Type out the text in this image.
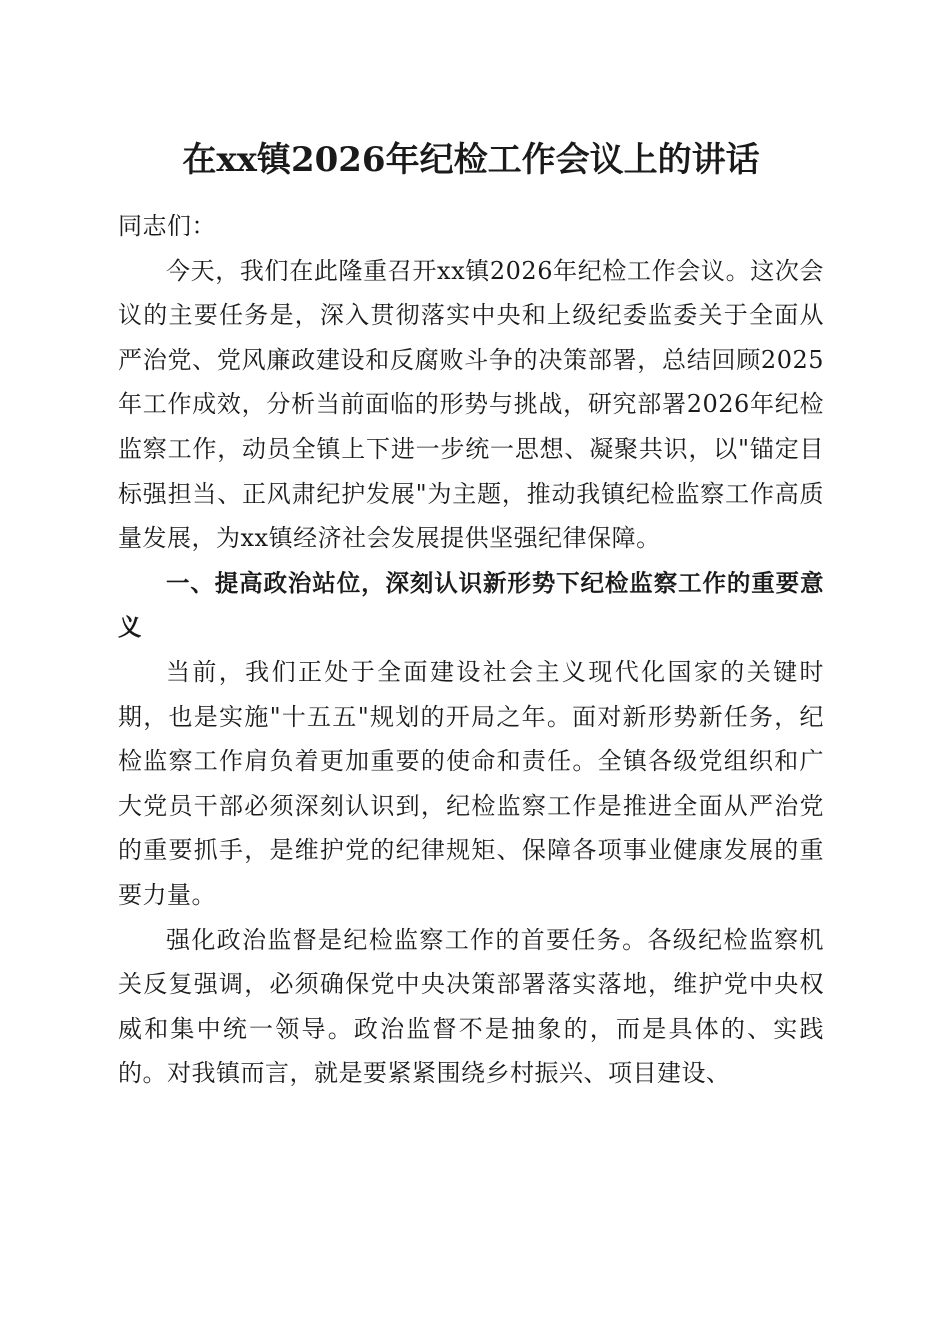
在xx镇2026年纪检工作会议上的讲话

同志们：

今天，我们在此隆重召开xx镇2026年纪检工作会议。这次会议的主要任务是，深入贯彻落实中央和上级纪委监委关于全面从严治党、党风廉政建设和反腐败斗争的决策部署，总结回顾2025年工作成效，分析当前面临的形势与挑战，研究部署2026年纪检监察工作，动员全镇上下进一步统一思想、凝聚共识，以"锚定目标强担当、正风肃纪护发展"为主题，推动我镇纪检监察工作高质量发展，为xx镇经济社会发展提供坚强纪律保障。

一、提高政治站位，深刻认识新形势下纪检监察工作的重要意义

当前，我们正处于全面建设社会主义现代化国家的关键时期，也是实施"十五五"规划的开局之年。面对新形势新任务，纪检监察工作肩负着更加重要的使命和责任。全镇各级党组织和广大党员干部必须深刻认识到，纪检监察工作是推进全面从严治党的重要抓手，是维护党的纪律规矩、保障各项事业健康发展的重要力量。

强化政治监督是纪检监察工作的首要任务。各级纪检监察机关反复强调，必须确保党中央决策部署落实落地，维护党中央权威和集中统一领导。政治监督不是抽象的，而是具体的、实践的。对我镇而言，就是要紧紧围绕乡村振兴、项目建设、
